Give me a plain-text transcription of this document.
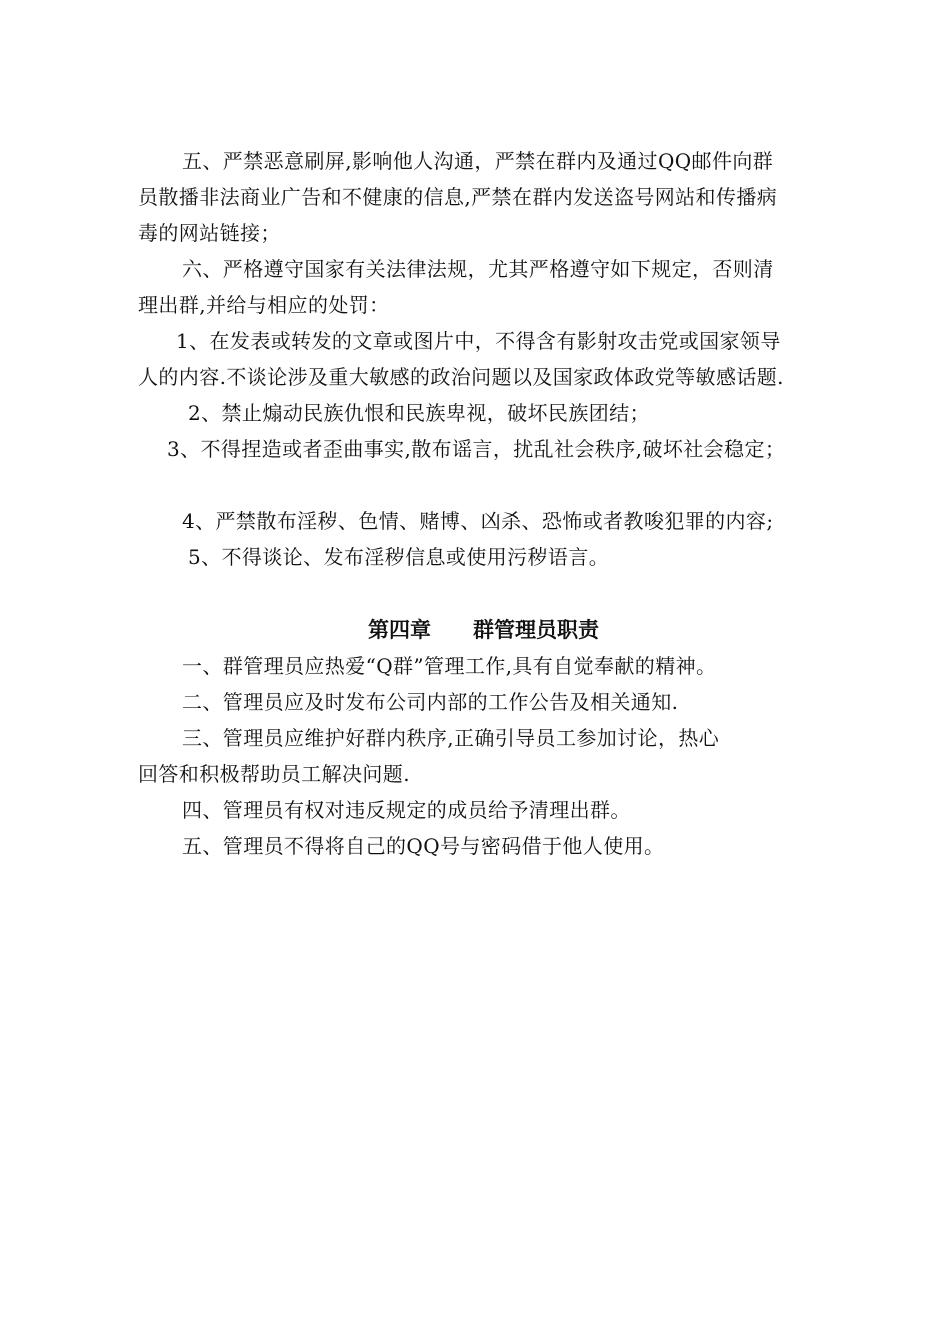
五、严禁恶意刷屏,影响他人沟通，严禁在群内及通过QQ邮件向群
员散播非法商业广告和不健康的信息,严禁在群内发送盗号网站和传播病
毒的网站链接；
六、严格遵守国家有关法律法规，尤其严格遵守如下规定，否则清
理出群,并给与相应的处罚：
1、在发表或转发的文章或图片中，不得含有影射攻击党或国家领导
人的内容.不谈论涉及重大敏感的政治问题以及国家政体政党等敏感话题.
2、禁止煽动民族仇恨和民族卑视，破坏民族团结；
3、不得捏造或者歪曲事实,散布谣言，扰乱社会秩序,破坏社会稳定；
4、严禁散布淫秽、色情、赌博、凶杀、恐怖或者教唆犯罪的内容;
5、不得谈论、发布淫秽信息或使用污秽语言。
第四章　　群管理员职责
一、群管理员应热爱“Q群”管理工作,具有自觉奉献的精神。
二、管理员应及时发布公司内部的工作公告及相关通知.
三、管理员应维护好群内秩序,正确引导员工参加讨论，热心
回答和积极帮助员工解决问题.
四、管理员有权对违反规定的成员给予清理出群。
五、管理员不得将自己的QQ号与密码借于他人使用。
